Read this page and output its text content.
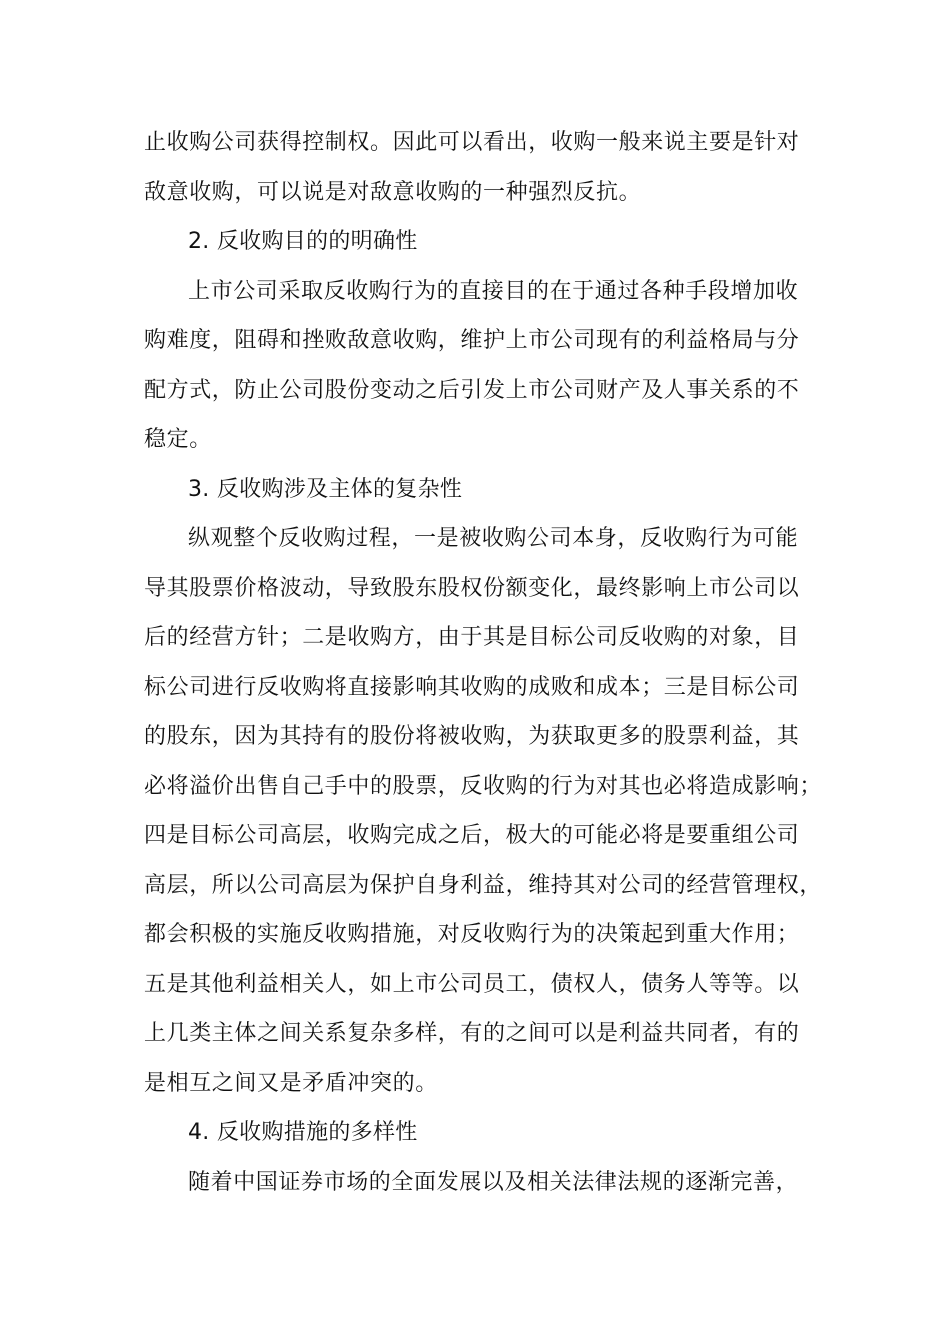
止收购公司获得控制权。因此可以看出，收购一般来说主要是针对
敌意收购，可以说是对敌意收购的一种强烈反抗。
2. 反收购目的的明确性
上市公司采取反收购行为的直接目的在于通过各种手段增加收
购难度，阻碍和挫败敌意收购，维护上市公司现有的利益格局与分
配方式，防止公司股份变动之后引发上市公司财产及人事关系的不
稳定。
3. 反收购涉及主体的复杂性
纵观整个反收购过程，一是被收购公司本身，反收购行为可能
导其股票价格波动，导致股东股权份额变化，最终影响上市公司以
后的经营方针；二是收购方，由于其是目标公司反收购的对象，目
标公司进行反收购将直接影响其收购的成败和成本；三是目标公司
的股东，因为其持有的股份将被收购，为获取更多的股票利益，其
必将溢价出售自己手中的股票，反收购的行为对其也必将造成影响；
四是目标公司高层，收购完成之后，极大的可能必将是要重组公司
高层，所以公司高层为保护自身利益，维持其对公司的经营管理权，
都会积极的实施反收购措施，对反收购行为的决策起到重大作用；
五是其他利益相关人，如上市公司员工，债权人，债务人等等。以
上几类主体之间关系复杂多样，有的之间可以是利益共同者，有的
是相互之间又是矛盾冲突的。
4. 反收购措施的多样性
随着中国证券市场的全面发展以及相关法律法规的逐渐完善，
